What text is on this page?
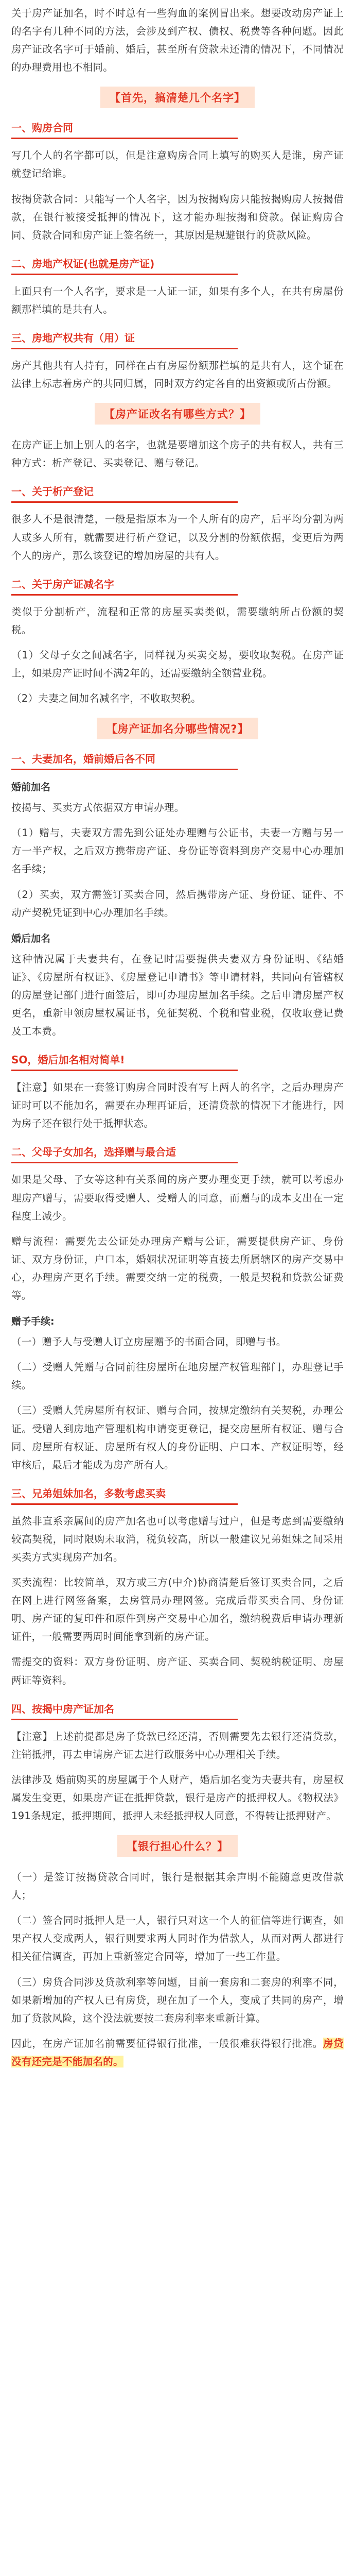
关于房产证加名，时不时总有一些狗血的案例冒出来。想要改动房产证上的名字有几种不同的方法，会涉及到产权、债权、税费等各种问题。因此房产证改名字可于婚前、婚后，甚至所有贷款未还清的情况下，不同情况的办理费用也不相同。

【首先，搞清楚几个名字】
一、购房合同

写几个人的名字都可以，但是注意购房合同上填写的购买人是谁，房产证就登记给谁。

按揭贷款合同：只能写一个人名字，因为按揭购房只能按揭购房人按揭借款，在银行被接受抵押的情况下，这才能办理按揭和贷款。保证购房合同、贷款合同和房产证上签名统一，其原因是规避银行的贷款风险。

二、房地产权证(也就是房产证)

上面只有一个人名字，要求是一人证一证，如果有多个人，在共有房屋份额那栏填的是共有人。

三、房地产权共有（用）证

房产其他共有人持有，同样在占有房屋份额那栏填的是共有人，这个证在法律上标志着房产的共同归属，同时双方约定各自的出资额或所占份额。

【房产证改名有哪些方式？】

在房产证上加上别人的名字，也就是要增加这个房子的共有权人，共有三种方式：析产登记、买卖登记、赠与登记。

一、关于析产登记

很多人不是很清楚，一般是指原本为一个人所有的房产，后平均分割为两人或多人所有，就需要进行析产登记，以及分割的份额依据，变更后为两个人的房产，那么该登记的增加房屋的共有人。

二、关于房产证减名字

类似于分割析产，流程和正常的房屋买卖类似，需要缴纳所占份额的契税。

（1）父母子女之间减名字，同样视为买卖交易，要收取契税。在房产证上，如果房产证时间不满2年的，还需要缴纳全额营业税。

（2）夫妻之间加名减名字，不收取契税。

【房产证加名分哪些情况?】
一、夫妻加名，婚前婚后各不同
婚前加名

按揭与、买卖方式依据双方申请办理。

（1）赠与，夫妻双方需先到公证处办理赠与公证书，夫妻一方赠与另一方一半产权，之后双方携带房产证、身份证等资料到房产交易中心办理加名手续；

（2）买卖，双方需签订买卖合同，然后携带房产证、身份证、证件、不动产契税凭证到中心办理加名手续。

婚后加名

这种情况属于夫妻共有，在登记时需要提供夫妻双方身份证明、《结婚证》、《房屋所有权证》、《房屋登记申请书》等申请材料，共同向有管辖权的房屋登记部门进行面签后，即可办理房屋加名手续。之后申请房屋产权更名，重新申领房屋权属证书，免征契税、个税和营业税，仅收取登记费及工本费。

SO，婚后加名相对简单!

【注意】如果在一套签订购房合同时没有写上两人的名字，之后办理房产证时可以不能加名，需要在办理再证后，还清贷款的情况下才能进行，因为房子还在银行处于抵押状态。

二、父母子女加名，选择赠与最合适

如果是父母、子女等这种有关系间的房产要办理变更手续，就可以考虑办理房产赠与，需要取得受赠人、受赠人的同意，而赠与的成本支出在一定程度上减少。

赠与流程：需要先去公证处办理房产赠与公证，需要提供房产证、身份证、双方身份证，户口本，婚姻状况证明等直接去所属辖区的房产交易中心，办理房产更名手续。需要交纳一定的税费，一般是契税和贷款公证费等。

赠予手续:

（一）赠予人与受赠人订立房屋赠予的书面合同，即赠与书。

（二）受赠人凭赠与合同前往房屋所在地房屋产权管理部门，办理登记手续。

（三）受赠人凭房屋所有权证、赠与合同，按规定缴纳有关契税，办理公证。受赠人到房地产管理机构申请变更登记，提交房屋所有权证、赠与合同、房屋所有权证、房屋所有权人的身份证明、户口本、产权证明等，经审核后，最后才能成为房产所有人。

三、兄弟姐妹加名，多数考虑买卖

虽然非直系亲属间的房产加名也可以考虑赠与过户，但是考虑到需要缴纳较高契税，同时限购未取消，税负较高，所以一般建议兄弟姐妹之间采用买卖方式实现房产加名。

买卖流程：比较简单，双方或三方(中介)协商清楚后签订买卖合同，之后在网上进行网签备案，去房管局办理网签。完成后带买卖合同、身份证明、房产证的复印件和原件到房产交易中心加名，缴纳税费后申请办理新证件，一般需要两周时间能拿到新的房产证。

需提交的资料：双方身份证明、房产证、买卖合同、契税纳税证明、房屋两证等资料。

四、按揭中房产证加名

【注意】上述前提都是房子贷款已经还清，否则需要先去银行还清贷款，注销抵押，再去申请房产证去进行政服务中心办理相关手续。

法律涉及 婚前购买的房屋属于个人财产，婚后加名变为夫妻共有，房屋权属发生变更，如果房产证在抵押贷款，银行是房产的抵押权人。《物权法》191条规定，抵押期间，抵押人未经抵押权人同意，不得转让抵押财产。

【银行担心什么？】

（一）是签订按揭贷款合同时，银行是根据其余声明不能随意更改借款人；

（二）签合同时抵押人是一人，银行只对这一个人的征信等进行调查，如果产权人变成两人，银行则要求两人同时作为借款人，从而对两人都进行相关征信调查，再加上重新签定合同等，增加了一些工作量。

（三）房贷合同涉及贷款利率等问题，目前一套房和二套房的利率不同，如果新增加的产权人已有房贷，现在加了一个人，变成了共同的房产，增加了贷款风险，这个没法就要按二套房利率来重新计算。

因此，在房产证加名前需要征得银行批准，一般很难获得银行批准。房贷没有还完是不能加名的。
